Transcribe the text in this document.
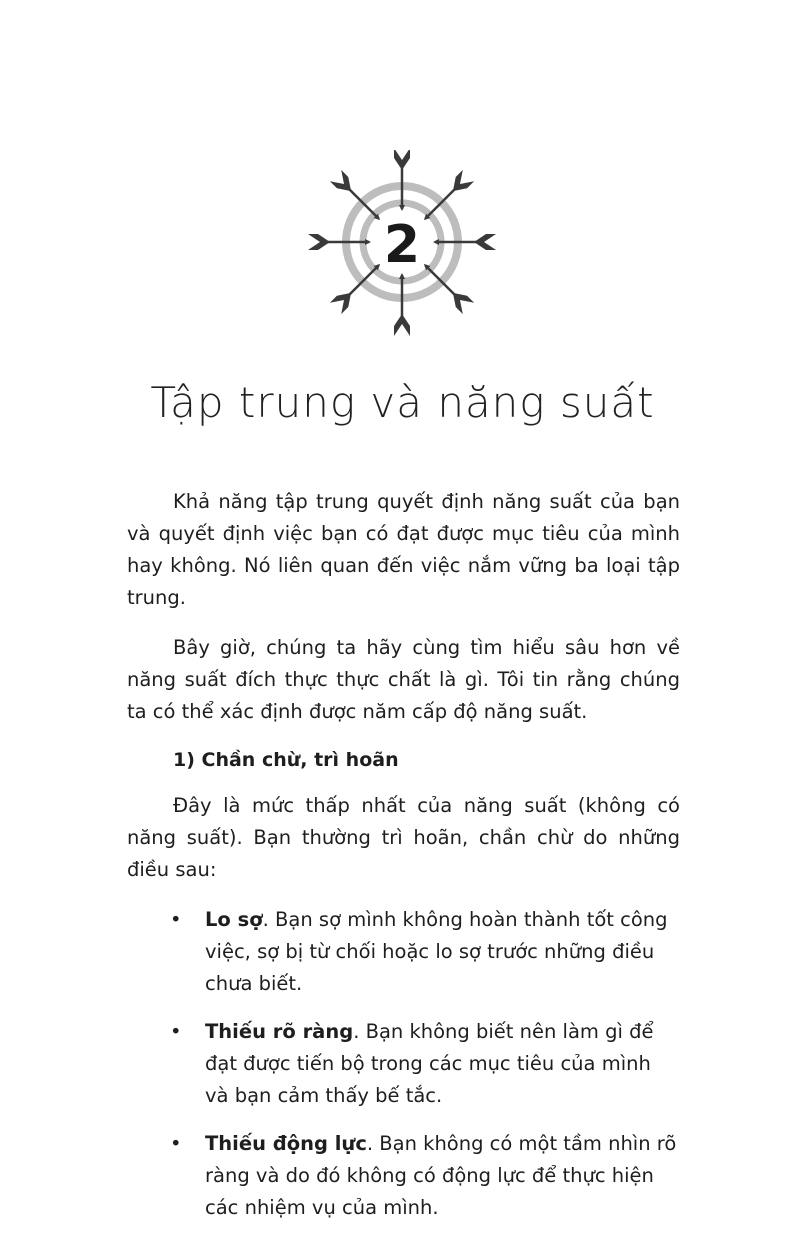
2
Tập trung và năng suất

Khả năng tập trung quyết định năng suất của bạn và quyết định việc bạn có đạt được mục tiêu của mình hay không. Nó liên quan đến việc nắm vững ba loại tập trung.

Bây giờ, chúng ta hãy cùng tìm hiểu sâu hơn về năng suất đích thực thực chất là gì. Tôi tin rằng chúng ta có thể xác định được năm cấp độ năng suất.

1) Chần chừ, trì hoãn

Đây là mức thấp nhất của năng suất (không có năng suất). Bạn thường trì hoãn, chần chừ do những điều sau:

• Lo sợ. Bạn sợ mình không hoàn thành tốt công việc, sợ bị từ chối hoặc lo sợ trước những điều chưa biết.
• Thiếu rõ ràng. Bạn không biết nên làm gì để đạt được tiến bộ trong các mục tiêu của mình và bạn cảm thấy bế tắc.
• Thiếu động lực. Bạn không có một tầm nhìn rõ ràng và do đó không có động lực để thực hiện các nhiệm vụ của mình.
